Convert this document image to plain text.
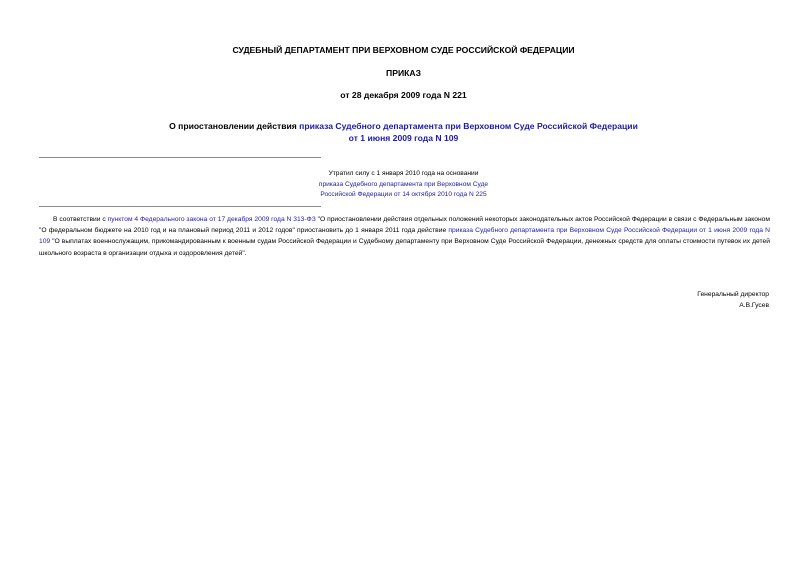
СУДЕБНЫЙ ДЕПАРТАМЕНТ ПРИ ВЕРХОВНОМ СУДЕ РОССИЙСКОЙ ФЕДЕРАЦИИ
ПРИКАЗ
от 28 декабря 2009 года N 221
О приостановлении действия приказа Судебного департамента при Верховном Суде Российской Федерации
от 1 июня 2009 года N 109
Утратил силу с 1 января 2010 года на основании
приказа Судебного департамента при Верховном Суде
Российской Федерации от 14 октября 2010 года N 225

В соответствии с пунктом 4 Федерального закона от 17 декабря 2009 года N 313-ФЗ "О приостановлении действия отдельных положений некоторых законодательных актов Российской Федерации в связи с Федеральным законом "О федеральном бюджете на 2010 год и на плановый период 2011 и 2012 годов" приостановить до 1 января 2011 года действие приказа Судебного департамента при Верховном Суде Российской Федерации от 1 июня 2009 года N 109 "О выплатах военнослужащим, прикомандированным к военным судам Российской Федерации и Судебному департаменту при Верховном Суде Российской Федерации, денежных средств для оплаты стоимости путевок их детей школьного возраста в организации отдыха и оздоровления детей".

Генеральный директор
А.В.Гусев
